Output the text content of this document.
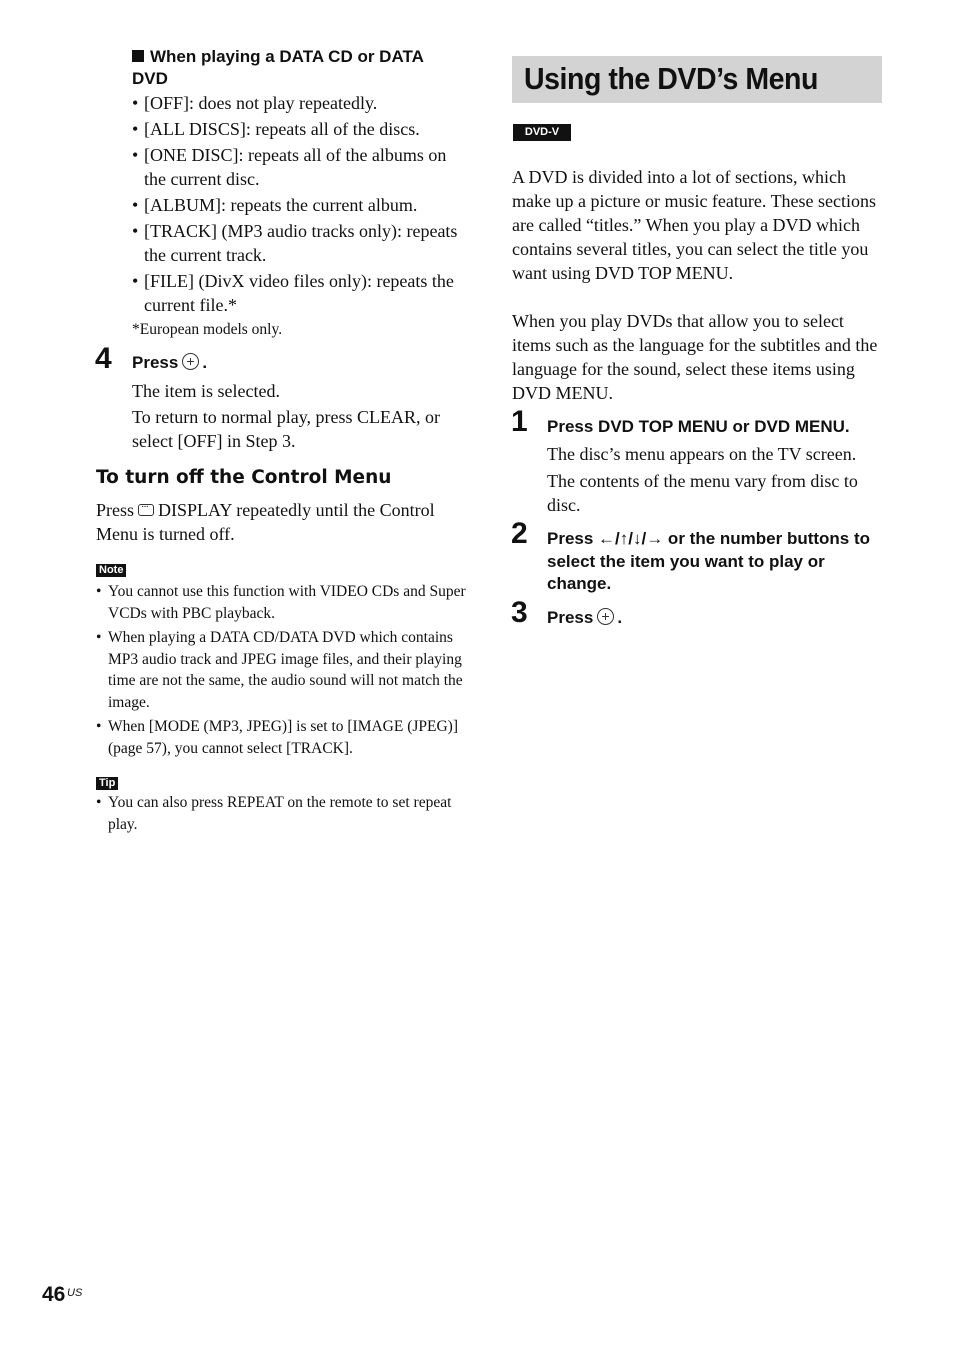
When playing a DATA CD or DATA DVD
• [OFF]: does not play repeatedly.
• [ALL DISCS]: repeats all of the discs.
• [ONE DISC]: repeats all of the albums on the current disc.
• [ALBUM]: repeats the current album.
• [TRACK] (MP3 audio tracks only): repeats the current track.
• [FILE] (DivX video files only): repeats the current file.*
*European models only.
4 Press .
The item is selected.
To return to normal play, press CLEAR, or select [OFF] in Step 3.
To turn off the Control Menu
Press··· DISPLAY repeatedly until the Control Menu is turned off.
Note
• You cannot use this function with VIDEO CDs and Super VCDs with PBC playback.
• When playing a DATA CD/DATA DVD which contains MP3 audio track and JPEG image files, and their playing time are not the same, the audio sound will not match the image.
• When [MODE (MP3, JPEG)] is set to [IMAGE (JPEG)] (page 57), you cannot select [TRACK].
Tip
• You can also press REPEAT on the remote to set repeat play.
Using the DVD’s Menu
DVD-V
A DVD is divided into a lot of sections, which make up a picture or music feature. These sections are called “titles.” When you play a DVD which contains several titles, you can select the title you want using DVD TOP MENU.
When you play DVDs that allow you to select items such as the language for the subtitles and the language for the sound, select these items using DVD MENU.
1 Press DVD TOP MENU or DVD MENU.
The disc’s menu appears on the TV screen.
The contents of the menu vary from disc to disc.
2 Press ←/↑/↓/→ or the number buttons to select the item you want to play or change.
3 Press .
46 US
